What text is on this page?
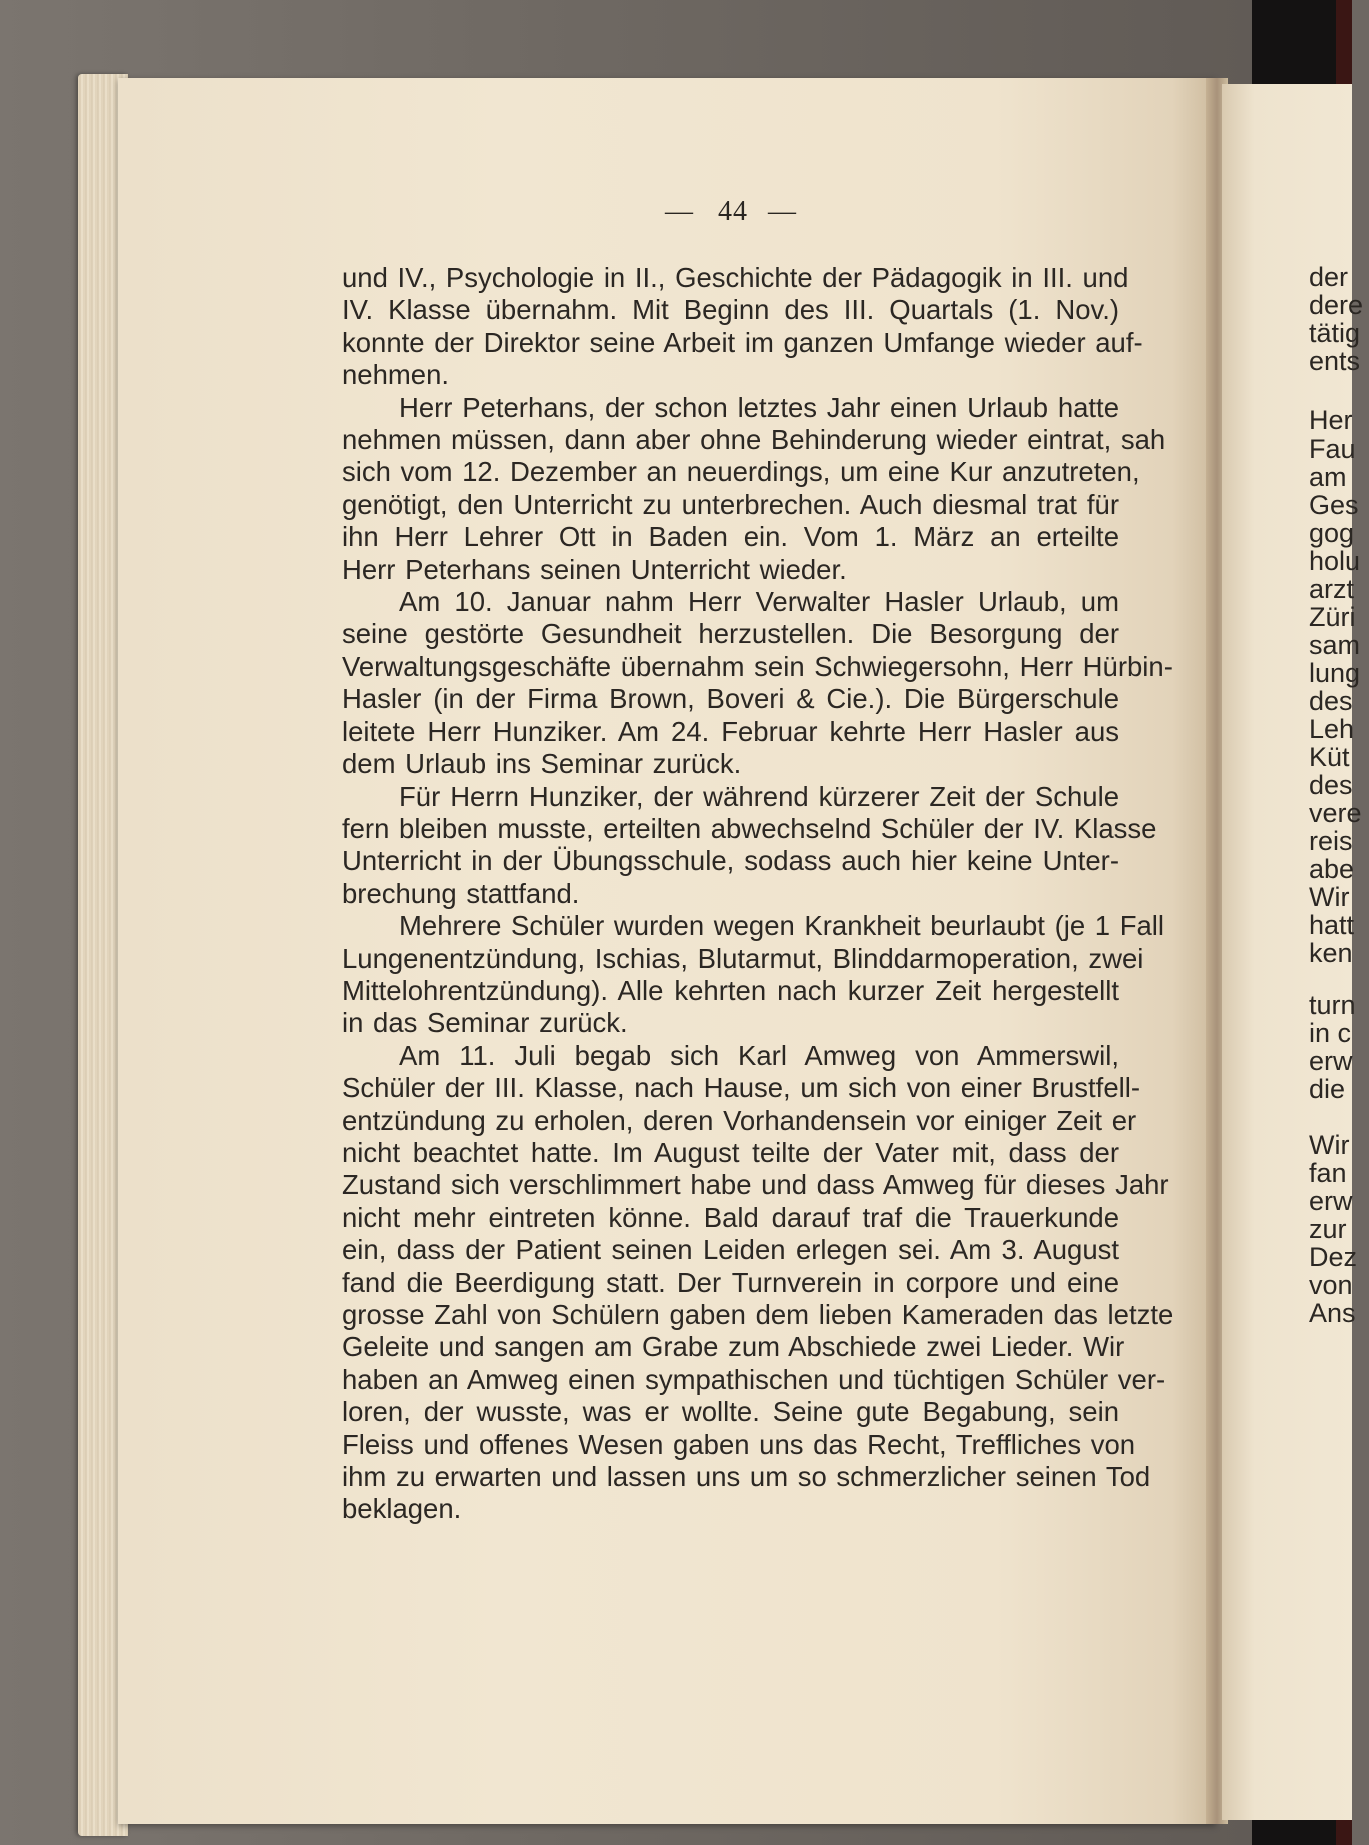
— 44 —
und IV., Psychologie in II., Geschichte der Pädagogik in III. und
IV. Klasse übernahm. Mit Beginn des III. Quartals (1. Nov.)
konnte der Direktor seine Arbeit im ganzen Umfange wieder auf-
nehmen.
Herr Peterhans, der schon letztes Jahr einen Urlaub hatte
nehmen müssen, dann aber ohne Behinderung wieder eintrat, sah
sich vom 12. Dezember an neuerdings, um eine Kur anzutreten,
genötigt, den Unterricht zu unterbrechen. Auch diesmal trat für
ihn Herr Lehrer Ott in Baden ein. Vom 1. März an erteilte
Herr Peterhans seinen Unterricht wieder.
Am 10. Januar nahm Herr Verwalter Hasler Urlaub, um
seine gestörte Gesundheit herzustellen. Die Besorgung der
Verwaltungsgeschäfte übernahm sein Schwiegersohn, Herr Hürbin-
Hasler (in der Firma Brown, Boveri & Cie.). Die Bürgerschule
leitete Herr Hunziker. Am 24. Februar kehrte Herr Hasler aus
dem Urlaub ins Seminar zurück.
Für Herrn Hunziker, der während kürzerer Zeit der Schule
fern bleiben musste, erteilten abwechselnd Schüler der IV. Klasse
Unterricht in der Übungsschule, sodass auch hier keine Unter-
brechung stattfand.
Mehrere Schüler wurden wegen Krankheit beurlaubt (je 1 Fall
Lungenentzündung, Ischias, Blutarmut, Blinddarmoperation, zwei
Mittelohrentzündung). Alle kehrten nach kurzer Zeit hergestellt
in das Seminar zurück.
Am 11. Juli begab sich Karl Amweg von Ammerswil,
Schüler der III. Klasse, nach Hause, um sich von einer Brustfell-
entzündung zu erholen, deren Vorhandensein vor einiger Zeit er
nicht beachtet hatte. Im August teilte der Vater mit, dass der
Zustand sich verschlimmert habe und dass Amweg für dieses Jahr
nicht mehr eintreten könne. Bald darauf traf die Trauerkunde
ein, dass der Patient seinen Leiden erlegen sei. Am 3. August
fand die Beerdigung statt. Der Turnverein in corpore und eine
grosse Zahl von Schülern gaben dem lieben Kameraden das letzte
Geleite und sangen am Grabe zum Abschiede zwei Lieder. Wir
haben an Amweg einen sympathischen und tüchtigen Schüler ver-
loren, der wusste, was er wollte. Seine gute Begabung, sein
Fleiss und offenes Wesen gaben uns das Recht, Treffliches von
ihm zu erwarten und lassen uns um so schmerzlicher seinen Tod
beklagen.
der
dere
tätig
ents
Her
Fau
am
Ges
gog
holu
arzt
Züri
sam
lung
des
Leh
Küt
des
vere
reis
abe
Wir
hatt
ken
turn
in c
erw
die
Wir
fan
erw
zur
Dez
von
Ans
